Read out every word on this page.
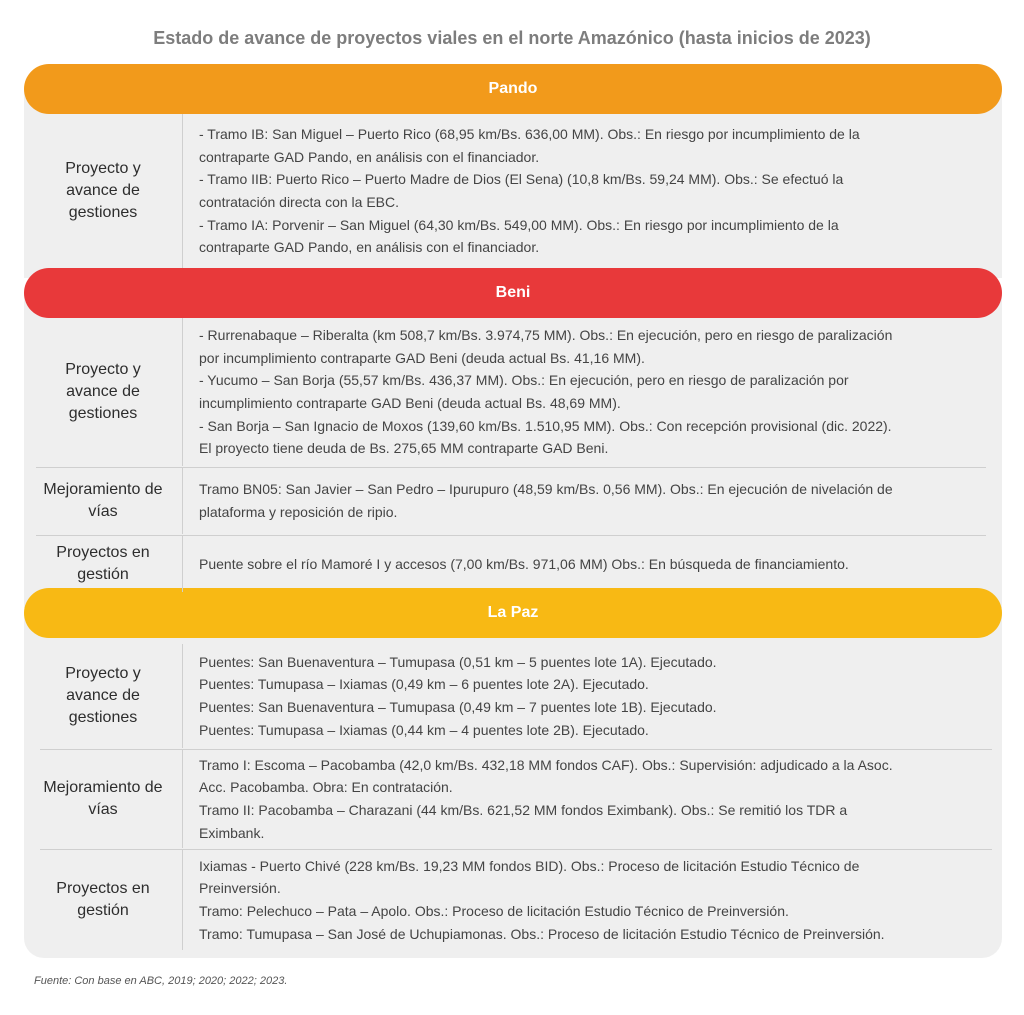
Estado de avance de proyectos viales en el norte Amazónico (hasta inicios de 2023)
Pando
Beni
La Paz
Proyecto y avance de gestiones
- Tramo IB: San Miguel – Puerto Rico (68,95 km/Bs. 636,00 MM). Obs.: En riesgo por incumplimiento de la
contraparte GAD Pando, en análisis con el financiador.
- Tramo IIB: Puerto Rico – Puerto Madre de Dios (El Sena) (10,8 km/Bs. 59,24 MM). Obs.: Se efectuó la
contratación directa con la EBC.
- Tramo IA: Porvenir – San Miguel (64,30 km/Bs. 549,00 MM). Obs.: En riesgo por incumplimiento de la
contraparte GAD Pando, en análisis con el financiador.
Proyecto y avance de gestiones
- Rurrenabaque – Riberalta (km 508,7 km/Bs. 3.974,75 MM). Obs.: En ejecución, pero en riesgo de paralización
por incumplimiento contraparte GAD Beni (deuda actual Bs. 41,16 MM).
- Yucumo – San Borja (55,57 km/Bs. 436,37 MM). Obs.: En ejecución, pero en riesgo de paralización por
incumplimiento contraparte GAD Beni (deuda actual Bs. 48,69 MM).
- San Borja – San Ignacio de Moxos (139,60 km/Bs. 1.510,95 MM). Obs.: Con recepción provisional (dic. 2022).
El proyecto tiene deuda de Bs. 275,65 MM contraparte GAD Beni.
Mejoramiento de vías
Tramo BN05: San Javier – San Pedro – Ipurupuro (48,59 km/Bs. 0,56 MM). Obs.: En ejecución de nivelación de
plataforma y reposición de ripio.
Proyectos en gestión
Puente sobre el río Mamoré I y accesos (7,00 km/Bs. 971,06 MM) Obs.: En búsqueda de financiamiento.
Proyecto y avance de gestiones
Puentes: San Buenaventura – Tumupasa (0,51 km – 5 puentes lote 1A). Ejecutado.
Puentes: Tumupasa – Ixiamas (0,49 km – 6 puentes lote 2A). Ejecutado.
Puentes: San Buenaventura – Tumupasa (0,49 km – 7 puentes lote 1B). Ejecutado.
Puentes: Tumupasa – Ixiamas (0,44 km – 4 puentes lote 2B). Ejecutado.
Mejoramiento de vías
Tramo I: Escoma – Pacobamba (42,0 km/Bs. 432,18 MM fondos CAF). Obs.: Supervisión: adjudicado a la Asoc.
Acc. Pacobamba. Obra: En contratación.
Tramo II: Pacobamba – Charazani (44 km/Bs. 621,52 MM fondos Eximbank). Obs.: Se remitió los TDR a
Eximbank.
Proyectos en gestión
Ixiamas - Puerto Chivé (228 km/Bs. 19,23 MM fondos BID). Obs.: Proceso de licitación Estudio Técnico de
Preinversión.
Tramo: Pelechuco – Pata – Apolo. Obs.: Proceso de licitación Estudio Técnico de Preinversión.
Tramo: Tumupasa – San José de Uchupiamonas. Obs.: Proceso de licitación Estudio Técnico de Preinversión.
Fuente: Con base en ABC, 2019; 2020; 2022; 2023.
